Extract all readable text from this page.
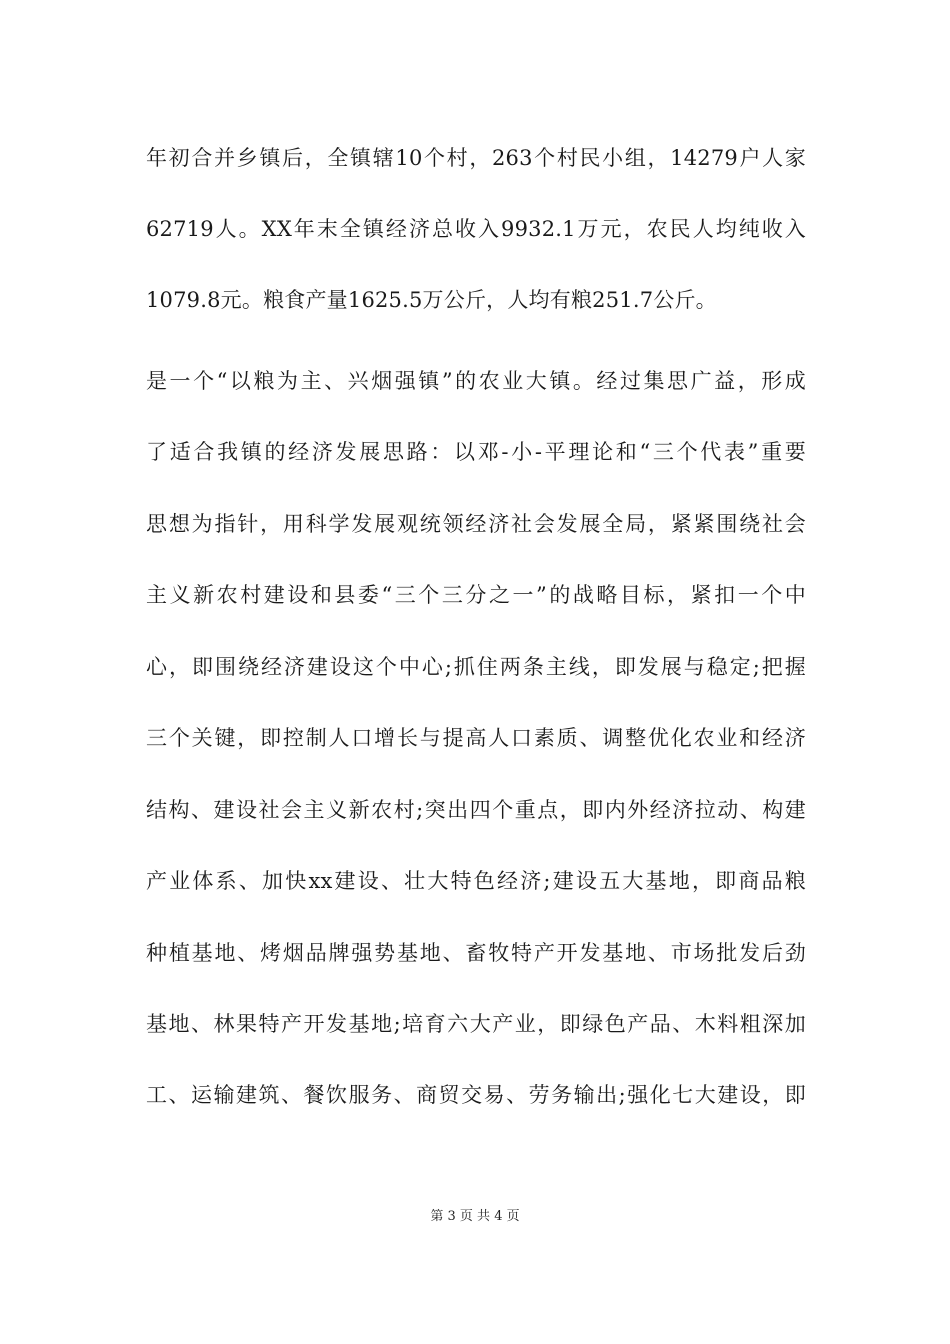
年初合并乡镇后，全镇辖10个村，263个村民小组，14279户人家
62719人。XX年末全镇经济总收入9932.1万元，农民人均纯收入
1079.8元。粮食产量1625.5万公斤，人均有粮251.7公斤。
是一个“以粮为主、兴烟强镇”的农业大镇。经过集思广益，形成
了适合我镇的经济发展思路：以邓-小-平理论和“三个代表”重要
思想为指针，用科学发展观统领经济社会发展全局，紧紧围绕社会
主义新农村建设和县委“三个三分之一”的战略目标，紧扣一个中
心，即围绕经济建设这个中心;抓住两条主线，即发展与稳定;把握
三个关键，即控制人口增长与提高人口素质、调整优化农业和经济
结构、建设社会主义新农村;突出四个重点，即内外经济拉动、构建
产业体系、加快xx建设、壮大特色经济;建设五大基地，即商品粮
种植基地、烤烟品牌强势基地、畜牧特产开发基地、市场批发后劲
基地、林果特产开发基地;培育六大产业，即绿色产品、木料粗深加
工、运输建筑、餐饮服务、商贸交易、劳务输出;强化七大建设，即
第 3 页 共 4 页
